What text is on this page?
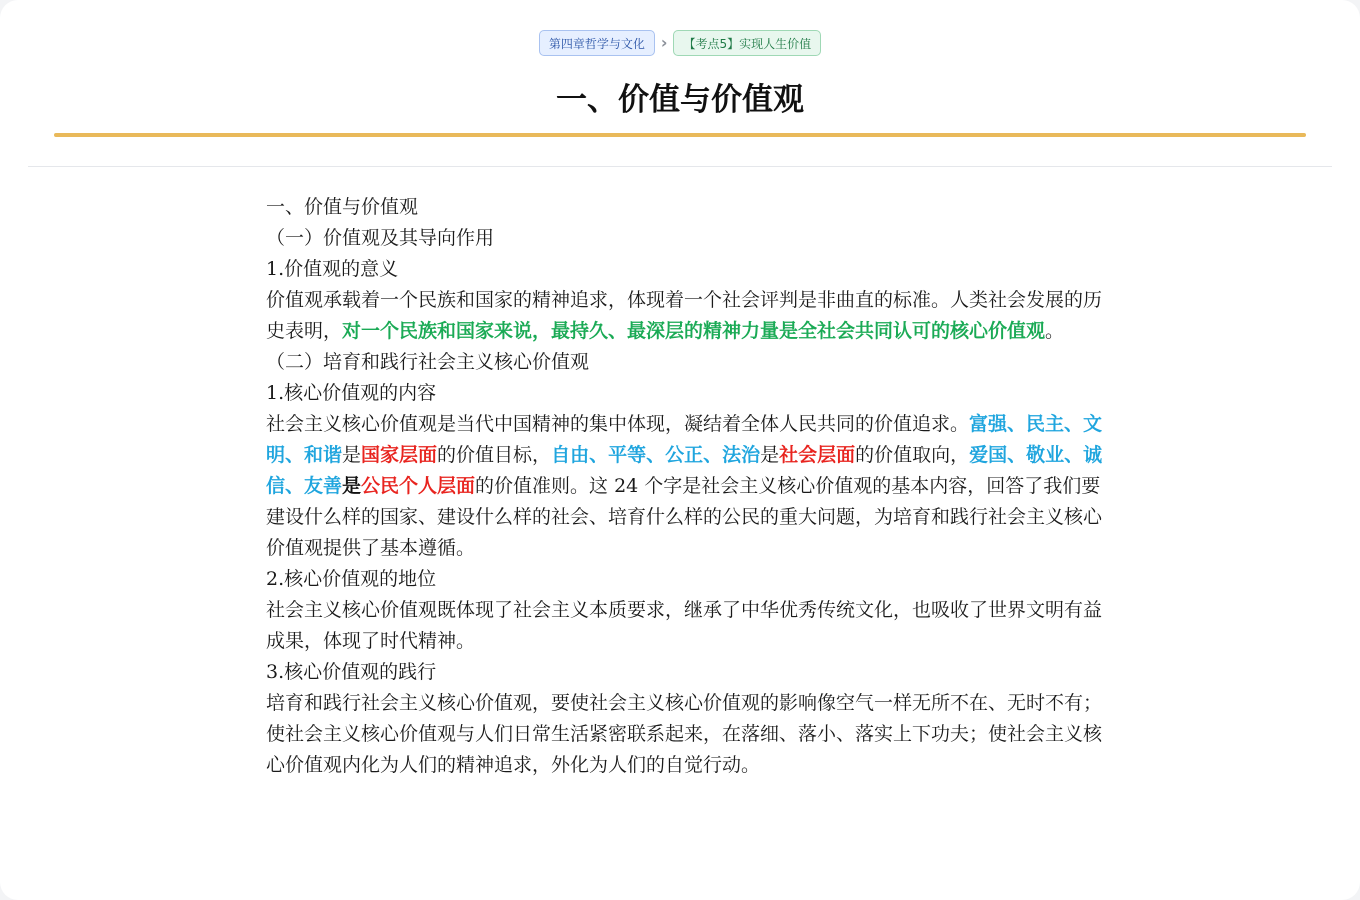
第四章哲学与文化	›	【考点5】实现人生价值
一、价值与价值观

一、价值与价值观

（一）价值观及其导向作用

1.价值观的意义

价值观承载着一个民族和国家的精神追求，体现着一个社会评判是非曲直的标准。人类社会发展的历史表明，对一个民族和国家来说，最持久、最深层的精神力量是全社会共同认可的核心价值观。

（二）培育和践行社会主义核心价值观

1.核心价值观的内容

社会主义核心价值观是当代中国精神的集中体现，凝结着全体人民共同的价值追求。富强、民主、文明、和谐是国家层面的价值目标，自由、平等、公正、法治是社会层面的价值取向，爱国、敬业、诚信、友善是公民个人层面的价值准则。这 24 个字是社会主义核心价值观的基本内容，回答了我们要建设什么样的国家、建设什么样的社会、培育什么样的公民的重大问题，为培育和践行社会主义核心价值观提供了基本遵循。

2.核心价值观的地位

社会主义核心价值观既体现了社会主义本质要求，继承了中华优秀传统文化，也吸收了世界文明有益成果，体现了时代精神。

3.核心价值观的践行

培育和践行社会主义核心价值观，要使社会主义核心价值观的影响像空气一样无所不在、无时不有；使社会主义核心价值观与人们日常生活紧密联系起来，在落细、落小、落实上下功夫；使社会主义核心价值观内化为人们的精神追求，外化为人们的自觉行动。
